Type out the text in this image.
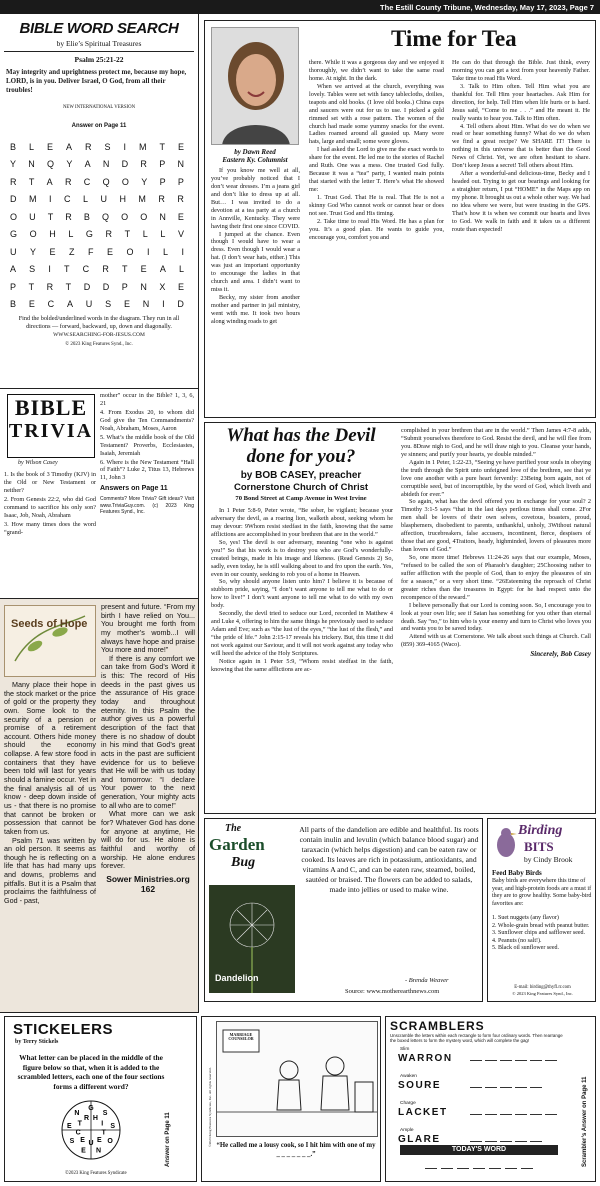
The Estill County Tribune, Wednesday, May 17, 2023, Page 7
BIBLE WORD SEARCH
by Elie’s Spiritual Treasures
Psalm 25:21-22
May integrity and uprightness protect me, because my hope, LORD, is in you. Deliver Israel, O God, from all their troubles!
NEW INTERNATIONAL VERSION
Answer on Page 11
B L E A R S I M T E
Y N Q Y A N D R P N
R T A R C Q O Y P P
D M I C L U H M R R
O U T R B Q O O N E
G O H L G R T L L V
U Y E Z F E O I L I
A S I T C R T E A L
P T R T D D P N X E
B E C A U S E N I D
Find the bolded/underlined words in the diagram. They run in all directions — forward, backward, up, down and diagonally.
WWW.SEARCHING-FOR-JESUS.COM
© 2023 King Features Synd., Inc.
BIBLE
TRIVIA
by Wilson Casey

1. Is the book of 3 Timothy (KJV) in the Old or New Testament or neither?

2. From Genesis 22:2, who did God command to sacrifice his only son? Isaac, Job, Noah, Abraham

3. How many times does the word “grand-

mother” occur in the Bible? 1, 3, 6, 21

4. From Exodus 20, to whom did God give the Ten Commandments? Noah, Abraham, Moses, Aaron

5. What’s the middle book of the Old Testament? Proverbs, Ecclesiastes, Isaiah, Jeremiah

6. Where is the New Testament “Hall of Faith”? Luke 2, Titus 13, Hebrews 11, John 3

Answers on Page 11
Comments? More Trivia? Gift ideas? Visit www.TriviaGuy.com. (c) 2023 King Features Synd., Inc.
Seeds of Hope

Many place their hope in the stock market or the price of gold or the property they own. Some look to the security of a pension or promise of a retirement account. Others hide money should the economy collapse. A few store food in containers that they have been told will last for years should a famine occur. Yet in the final analysis all of us know - deep down inside of us - that there is no promise that cannot be broken or possession that cannot be taken from us.

Psalm 71 was written by an old person. It seems as though he is reflecting on a life that has had many ups and downs, problems and pitfalls. But it is a Psalm that proclaims the faithfulness of God - past,

present and future. “From my birth I have relied on You... You brought me forth from my mother’s womb...I will always have hope and praise You more and more!”

If there is any comfort we can take from God’s Word it is this: The record of His deeds in the past gives us the assurance of His grace today and throughout eternity. In this Psalm the author gives us a powerful description of the fact that there is no shadow of doubt in his mind that God’s great acts in the past are sufficient evidence for us to believe that He will be with us today and tomorrow: “I declare Your power to the next generation, Your mighty acts to all who are to come!”

What more can we ask for? Whatever God has done for anyone at anytime, He will do for us. He alone is faithful and worthy of worship. He alone endures forever.

Sower Ministries.org
162
by Dawn Reed
Eastern Ky. Columnist
Time for Tea

If you know me well at all, you’ve probably noticed that I don’t wear dresses. I’m a jeans girl and don’t like to dress up at all. But… I was invited to do a devotion at a tea party at a church in Annville, Kentucky. They were having their first one since COVID.

I jumped at the chance. Even though I would have to wear a dress. Even though I would wear a hat. (I don’t wear hats, either.) This was just an important opportunity to encourage the ladies in that church and area. I didn’t want to miss it.

Becky, my sister from another mother and partner in jail ministry, went with me. It took two hours along winding roads to get

there. While it was a gorgeous day and we enjoyed it thoroughly, we didn’t want to take the same road home. At night. In the dark.

When we arrived at the church, everything was lovely. Tables were set with fancy tablecloths, doilies, teapots and old books. (I love old books.) China cups and saucers were out for us to use. I picked a gold rimmed set with a rose pattern. The women of the church had made some yummy snacks for the event. Ladies roamed around all gussied up. Many wore hats, large and small; some wore gloves.

I had asked the Lord to give me the exact words to share for the event. He led me to the stories of Rachel and Ruth. One was a mess. One trusted God fully. Because it was a “tea” party, I wanted main points that started with the letter T. Here’s what He showed me:

1. Trust God. That He is real. That He is not a skinny God Who cannot work or cannot hear or does not see. Trust God and His timing.

2. Take time to read His Word. He has a plan for you. It’s a good plan. He wants to guide you, encourage you, comfort you and

He can do that through the Bible. Just think, every morning you can get a text from your heavenly Father. Take time to read His Word.

3. Talk to Him often. Tell Him what you are thankful for. Tell Him your heartaches. Ask Him for direction, for help. Tell Him when life hurts or is hard. Jesus said, “Come to me . . .” and He meant it. He really wants to hear you. Talk to Him often.

4. Tell others about Him. What do we do when we read or hear something funny? What do we do when we find a great recipe? We SHARE IT! There is nothing in this universe that is better than the Good News of Christ. Yet, we are often hesitant to share. Don’t keep Jesus a secret! Tell others about Him.

After a wonderful-and delicious-time, Becky and I headed out. Trying to get our bearings and looking for a straighter return, I put “HOME” in the Maps app on my phone. It brought us out a whole other way. We had no idea where we were, but were trusting in the GPS. That’s how it is when we commit our hearts and lives to God. We walk in faith and it takes us a different route than expected!

What has the Devil
done for you?
by BOB CASEY, preacher
Cornerstone Church of Christ
70 Bond Street at Camp Avenue in West Irvine

In 1 Peter 5:8-9, Peter wrote, “Be sober, be vigilant; because your adversary the devil, as a roaring lion, walketh about, seeking whom he may devour: 9Whom resist stedfast in the faith, knowing that the same afflictions are accomplished in your brethren that are in the world.”

So, yes! The devil is our adversary, meaning “one who is against you!” So that his work is to destroy you who are God’s wonderfully-created beings, made in his image and likeness. (Read Genesis 2) So, sadly, even today, he is still walking about to and fro upon the earth. Yes, even in our county, seeking to rob you of a home in Heaven.

So, why should anyone listen unto him? I believe it is because of stubborn pride, saying, “I don’t want anyone to tell me what to do or how to live!” I don’t want anyone to tell me what to do with my own body.

Secondly, the devil tried to seduce our Lord, recorded in Matthew 4 and Luke 4, offering to him the same things he previously used to seduce Adam and Eve; such as “the lust of the eyes,” “the lust of the flesh,” and “the pride of life.” John 2:15-17 reveals his trickery. But, this time it did not work against our Saviour, and it will not work against any today who will heed the advice of the Holy Scriptures.

Notice again in 1 Peter 5:9, “Whom resist stedfast in the faith, knowing that the same afflictions are ac-

complished in your brethren that are in the world.” Then James 4:7-8 adds, “Submit yourselves therefore to God. Resist the devil, and he will flee from you. 8Draw nigh to God, and he will draw nigh to you. Cleanse your hands, ye sinners; and purify your hearts, ye double minded.”

Again in 1 Peter, 1:22-23, “Seeing ye have purified your souls in obeying the truth through the Spirit unto unfeigned love of the brethren, see that ye love one another with a pure heart fervently: 23Being born again, not of corruptible seed, but of incorruptible, by the word of God, which liveth and abideth for ever.”

So again, what has the devil offered you in exchange for your soul? 2 Timothy 3:1-5 says “that in the last days perilous times shall come. 2For men shall be lovers of their own selves, covetous, boasters, proud, blasphemers, disobedient to parents, unthankful, unholy, 3Without natural affection, trucebreakers, false accusers, incontinent, fierce, despisers of those that are good, 4Traitors, heady, highminded, lovers of pleasures more than lovers of God.”

So, one more time! Hebrews 11:24-26 says that our example, Moses, “refused to be called the son of Pharaoh’s daughter; 25Choosing rather to suffer affliction with the people of God, than to enjoy the pleasures of sin for a season,” or a very short time. “26Esteeming the reproach of Christ greater riches than the treasures in Egypt: for he had respect unto the recompence of the reward.”

I believe personally that our Lord is coming soon. So, I encourage you to look at your own life; see if Satan has something for you other than eternal death. Say “no,” to him who is your enemy and turn to Christ who loves you and wants you to be saved today.

Attend with us at Cornerstone. We talk about such things at Church. Call (859) 369-4165 (Waco).

Sincerely, Bob Casey
The
Garden
Bug
Dandelion
All parts of the dandelion are edible and healthful. Its roots contain inulin and levulin (which balance blood sugar) and taraxacin (which helps digestion) and can be eaten raw or cooked. Its leaves are rich in potassium, antioxidants, and vitamins A and C, and can be eaten raw, steamed, boiled, sautéed or braised. The flowers can be added to salads, made into jellies or used to make wine.
- Brenda Weaver
Source: www.motherearthnews.com
Birding
BITS
by Cindy Brook
Feed Baby Birds
Baby birds are everywhere this time of year, and high-protein foods are a must if they are to grow healthy. Some baby-bird favorites are:
1. Suet nuggets (any flavor)
2. Whole-grain bread with peanut butter.
3. Sunflower chips and safflower seed.
4. Peanuts (no salt!).
5. Black oil sunflower seed.
E-mail: birding@thyfl.rr.com
© 2023 King Features Synd., Inc.
STICKELERS
by Terry Stickels
What letter can be placed in the middle of the figure below so that, when it is added to the scrambled letters, each one of the four sections forms a different word?
G
H
S
I S
T
O
E
N
U
E
E
S
C
E T
N
R	Answer on Page 11
©2023 King Features Syndicate
©2023 King Features Syndicate, Inc. All rights reserved.
MARRIAGE COUNSELOR
“He called me a lousy cook, so I hit him with one of my _ _ _ _ _ _ _.”
SCRAMBLERS
Unscramble the letters within each rectangle to form four ordinary words. Then rearrange the boxed letters to form the mystery word, which will complete the gag!
Slim
WARRON
Awaken
SOURE
Charge
LACKET
Ample
GLARE
TODAY'S WORD	Scrambler’s Answer on Page 11
